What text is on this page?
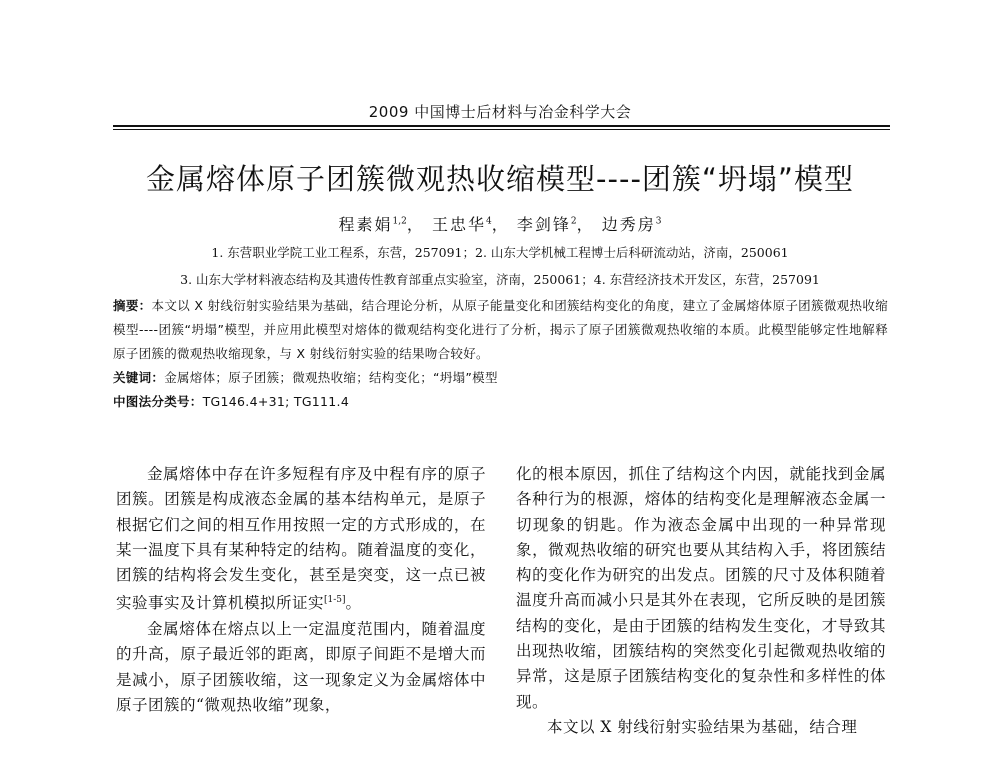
2009 中国博士后材料与冶金科学大会
金属熔体原子团簇微观热收缩模型----团簇“坍塌”模型
程素娟$^{1,2}$， 王忠华$^4$， 李剑锋$^2$， 边秀房$^3$
1. 东营职业学院工业工程系，东营，257091；2. 山东大学机械工程博士后科研流动站，济南，250061
3. 山东大学材料液态结构及其遗传性教育部重点实验室，济南，250061；4. 东营经济技术开发区，东营，257091

摘要：本文以 X 射线衍射实验结果为基础，结合理论分析，从原子能量变化和团簇结构变化的角度，建立了金属熔体原子团簇微观热收缩模型----团簇“坍塌”模型，并应用此模型对熔体的微观结构变化进行了分析，揭示了原子团簇微观热收缩的本质。此模型能够定性地解释原子团簇的微观热收缩现象，与 X 射线衍射实验的结果吻合较好。

关键词：金属熔体；原子团簇；微观热收缩；结构变化；“坍塌”模型

中图法分类号：TG146.4+31; TG111.4

金属熔体中存在许多短程有序及中程有序的原子团簇。团簇是构成液态金属的基本结构单元，是原子根据它们之间的相互作用按照一定的方式形成的，在某一温度下具有某种特定的结构。随着温度的变化，团簇的结构将会发生变化，甚至是突变，这一点已被实验事实及计算机模拟所证实[1-5]。

金属熔体在熔点以上一定温度范围内，随着温度的升高，原子最近邻的距离，即原子间距不是增大而是减小，原子团簇收缩，这一现象定义为金属熔体中原子团簇的“微观热收缩”现象，

化的根本原因，抓住了结构这个内因，就能找到金属各种行为的根源，熔体的结构变化是理解液态金属一切现象的钥匙。作为液态金属中出现的一种异常现象，微观热收缩的研究也要从其结构入手，将团簇结构的变化作为研究的出发点。团簇的尺寸及体积随着温度升高而减小只是其外在表现，它所反映的是团簇结构的变化，是由于团簇的结构发生变化，才导致其出现热收缩，团簇结构的突然变化引起微观热收缩的异常，这是原子团簇结构变化的复杂性和多样性的体现。

本文以 X 射线衍射实验结果为基础，结合理
